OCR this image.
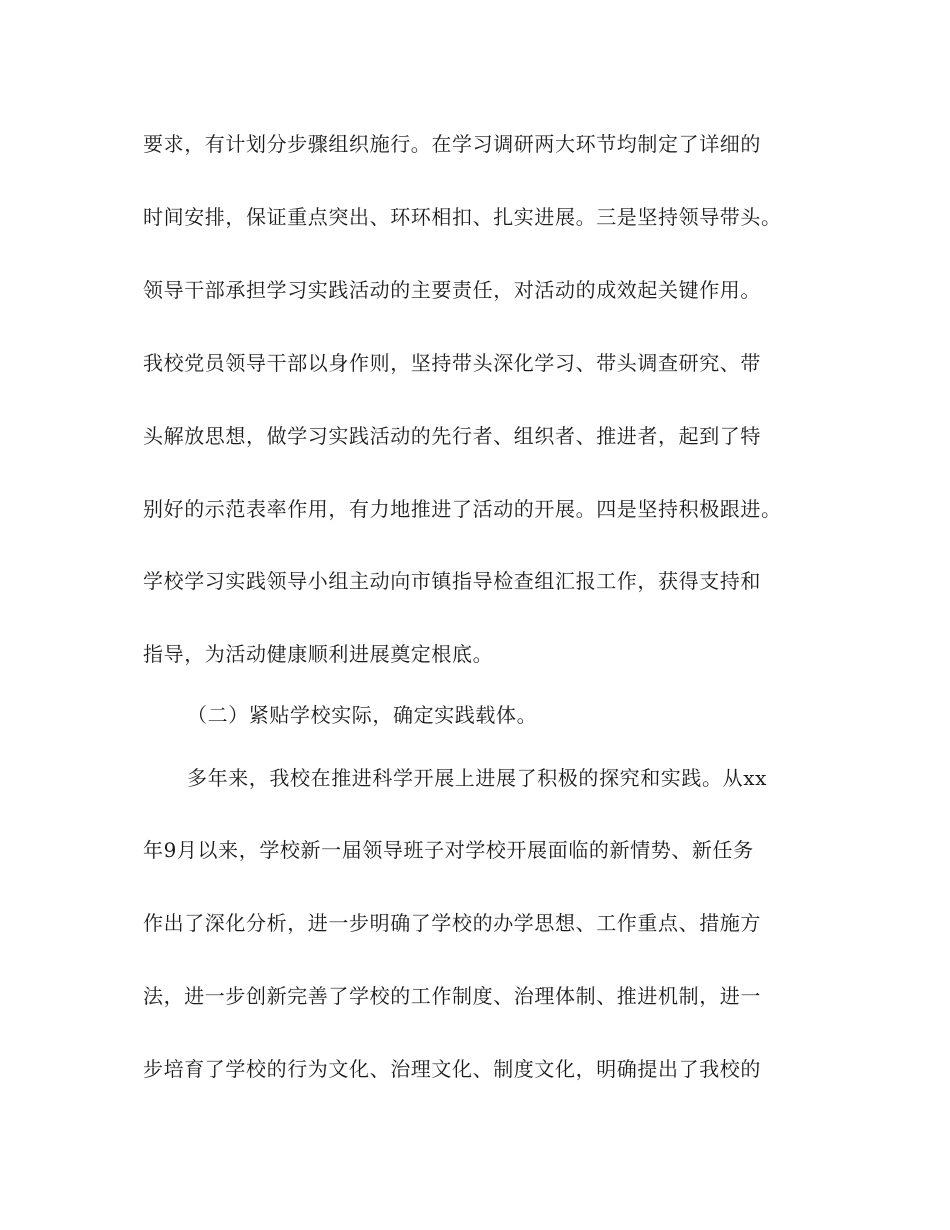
要求，有计划分步骤组织施行。在学习调研两大环节均制定了详细的
时间安排，保证重点突出、环环相扣、扎实进展。三是坚持领导带头。
领导干部承担学习实践活动的主要责任，对活动的成效起关键作用。
我校党员领导干部以身作则，坚持带头深化学习、带头调查研究、带
头解放思想，做学习实践活动的先行者、组织者、推进者，起到了特
别好的示范表率作用，有力地推进了活动的开展。四是坚持积极跟进。
学校学习实践领导小组主动向市镇指导检查组汇报工作，获得支持和
指导，为活动健康顺利进展奠定根底。
（二）紧贴学校实际，确定实践载体。
多年来，我校在推进科学开展上进展了积极的探究和实践。从xx
年9月以来，学校新一届领导班子对学校开展面临的新情势、新任务
作出了深化分析，进一步明确了学校的办学思想、工作重点、措施方
法，进一步创新完善了学校的工作制度、治理体制、推进机制，进一
步培育了学校的行为文化、治理文化、制度文化，明确提出了我校的
